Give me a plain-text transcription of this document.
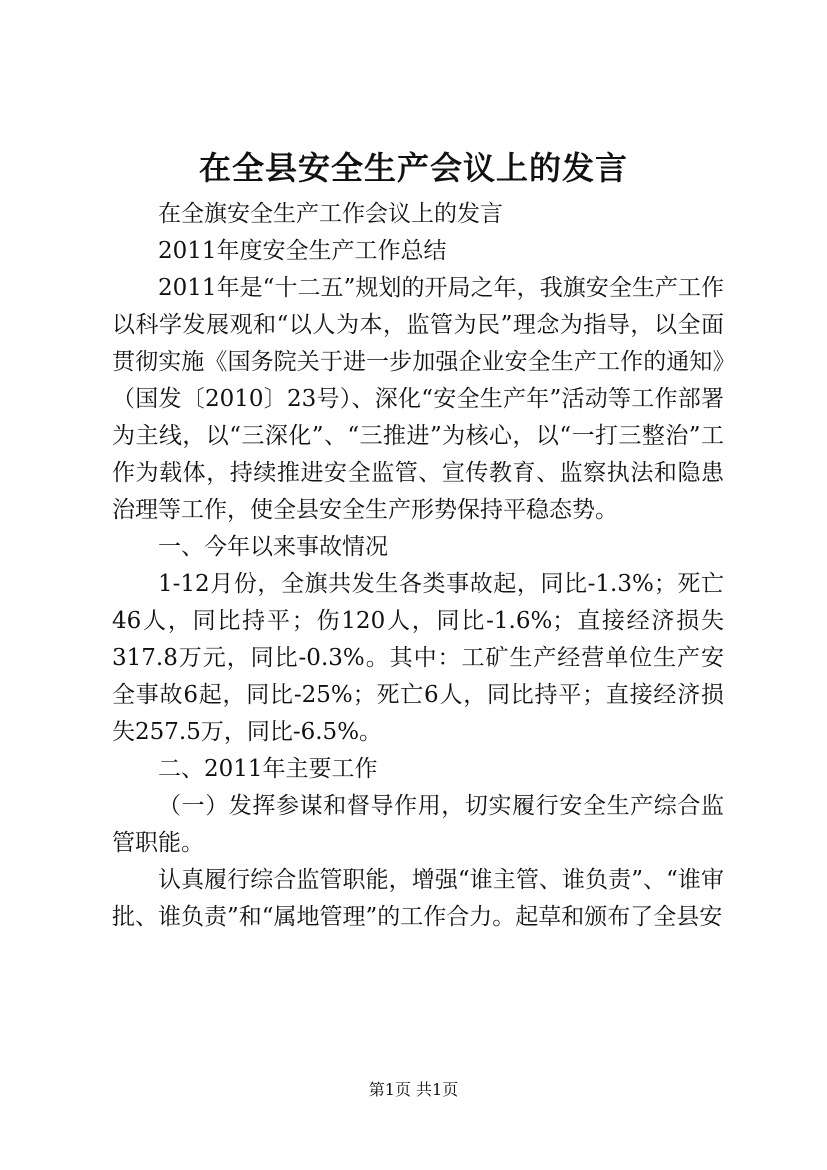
在全县安全生产会议上的发言

在全旗安全生产工作会议上的发言

2011年度安全生产工作总结

2011年是“十二五”规划的开局之年，我旗安全生产工作以科学发展观和“以人为本，监管为民”理念为指导，以全面贯彻实施《国务院关于进一步加强企业安全生产工作的通知》（国发〔2010〕23号）、深化“安全生产年”活动等工作部署为主线，以“三深化”、“三推进”为核心，以“一打三整治”工作为载体，持续推进安全监管、宣传教育、监察执法和隐患治理等工作，使全县安全生产形势保持平稳态势。

一、今年以来事故情况

1-12月份，全旗共发生各类事故起，同比-1.3%；死亡46人，同比持平；伤120人，同比-1.6%；直接经济损失317.8万元，同比-0.3%。其中：工矿生产经营单位生产安全事故6起，同比-25%；死亡6人，同比持平；直接经济损失257.5万，同比-6.5%。

二、2011年主要工作

（一）发挥参谋和督导作用，切实履行安全生产综合监管职能。

认真履行综合监管职能，增强“谁主管、谁负责”、“谁审批、谁负责”和“属地管理”的工作合力。起草和颁布了全县安

第1页 共1页
